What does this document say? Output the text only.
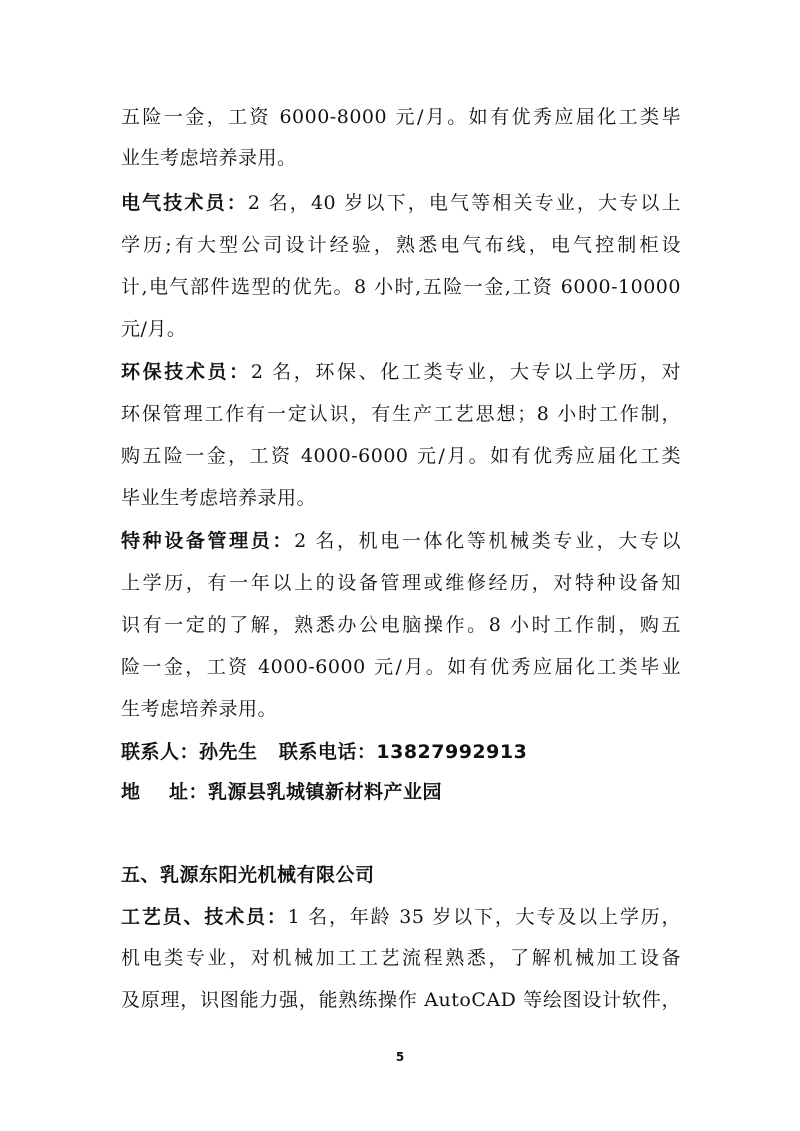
五险一金，工资 6000-8000 元/月。如有优秀应届化工类毕
业生考虑培养录用。
电气技术员：2 名，40 岁以下，电气等相关专业，大专以上
学历;有大型公司设计经验，熟悉电气布线，电气控制柜设
计,电气部件选型的优先。8 小时,五险一金,工资 6000-10000
元/月。
环保技术员：2 名，环保、化工类专业，大专以上学历，对
环保管理工作有一定认识，有生产工艺思想；8 小时工作制，
购五险一金，工资 4000-6000 元/月。如有优秀应届化工类
毕业生考虑培养录用。
特种设备管理员：2 名，机电一体化等机械类专业，大专以
上学历，有一年以上的设备管理或维修经历，对特种设备知
识有一定的了解，熟悉办公电脑操作。8 小时工作制，购五
险一金，工资 4000-6000 元/月。如有优秀应届化工类毕业
生考虑培养录用。
联系人：孙先生 联系电话：13827992913
地    址：乳源县乳城镇新材料产业园
五、乳源东阳光机械有限公司
工艺员、技术员：1 名，年龄 35 岁以下，大专及以上学历，
机电类专业，对机械加工工艺流程熟悉，了解机械加工设备
及原理，识图能力强，能熟练操作 AutoCAD 等绘图设计软件，
5
